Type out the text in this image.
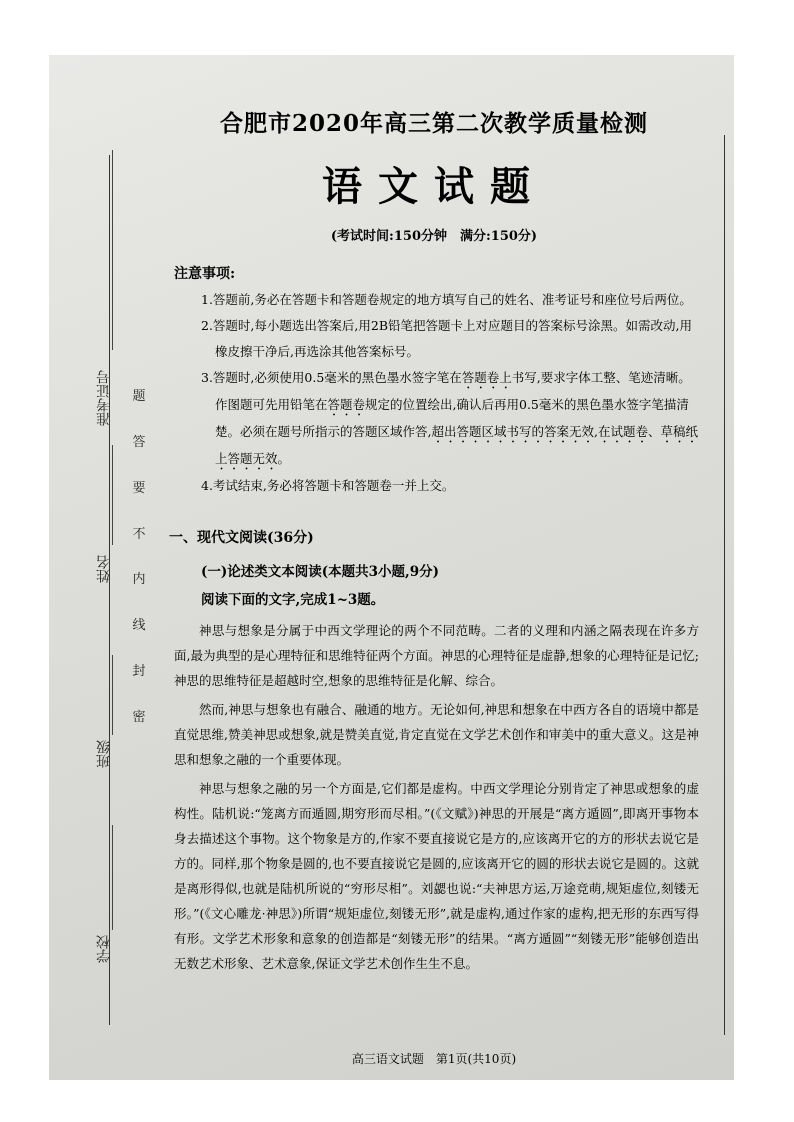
准考证号
姓名
班级
学校
密
封
线
内
不
要
答
题
合肥市2020年高三第二次教学质量检测
语文试题
(考试时间:150分钟　满分:150分)
注意事项:
1.答题前,务必在答题卡和答题卷规定的地方填写自己的姓名、准考证号和座位号后两位。
2.答题时,每小题选出答案后,用2B铅笔把答题卡上对应题目的答案标号涂黑。如需改动,用橡皮擦干净后,再选涂其他答案标号。
3.答题时,必须使用0.5毫米的黑色墨水签字笔在答题卷上书写,要求字体工整、笔迹清晰。作图题可先用铅笔在答题卷规定的位置绘出,确认后再用0.5毫米的黑色墨水签字笔描清楚。必须在题号所指示的答题区域作答,超出答题区域书写的答案无效,在试题卷、草稿纸上答题无效。
4.考试结束,务必将答题卡和答题卷一并上交。
一、现代文阅读(36分)
(一)论述类文本阅读(本题共3小题,9分)
阅读下面的文字,完成1~3题。

神思与想象是分属于中西文学理论的两个不同范畴。二者的义理和内涵之隔表现在许多方面,最为典型的是心理特征和思维特征两个方面。神思的心理特征是虚静,想象的心理特征是记忆;神思的思维特征是超越时空,想象的思维特征是化解、综合。

然而,神思与想象也有融合、融通的地方。无论如何,神思和想象在中西方各自的语境中都是直觉思维,赞美神思或想象,就是赞美直觉,肯定直觉在文学艺术创作和审美中的重大意义。这是神思和想象之融的一个重要体现。

神思与想象之融的另一个方面是,它们都是虚构。中西文学理论分别肯定了神思或想象的虚构性。陆机说:“笼离方而遁圆,期穷形而尽相。”(《文赋》)神思的开展是“离方遁圆”,即离开事物本身去描述这个事物。这个物象是方的,作家不要直接说它是方的,应该离开它的方的形状去说它是方的。同样,那个物象是圆的,也不要直接说它是圆的,应该离开它的圆的形状去说它是圆的。这就是离形得似,也就是陆机所说的“穷形尽相”。刘勰也说:“夫神思方运,万途竞萌,规矩虚位,刻镂无形。”(《文心雕龙·神思》)所谓“规矩虚位,刻镂无形”,就是虚构,通过作家的虚构,把无形的东西写得有形。文学艺术形象和意象的创造都是“刻镂无形”的结果。“离方遁圆”“刻镂无形”能够创造出无数艺术形象、艺术意象,保证文学艺术创作生生不息。

高三语文试题　第1页(共10页)
